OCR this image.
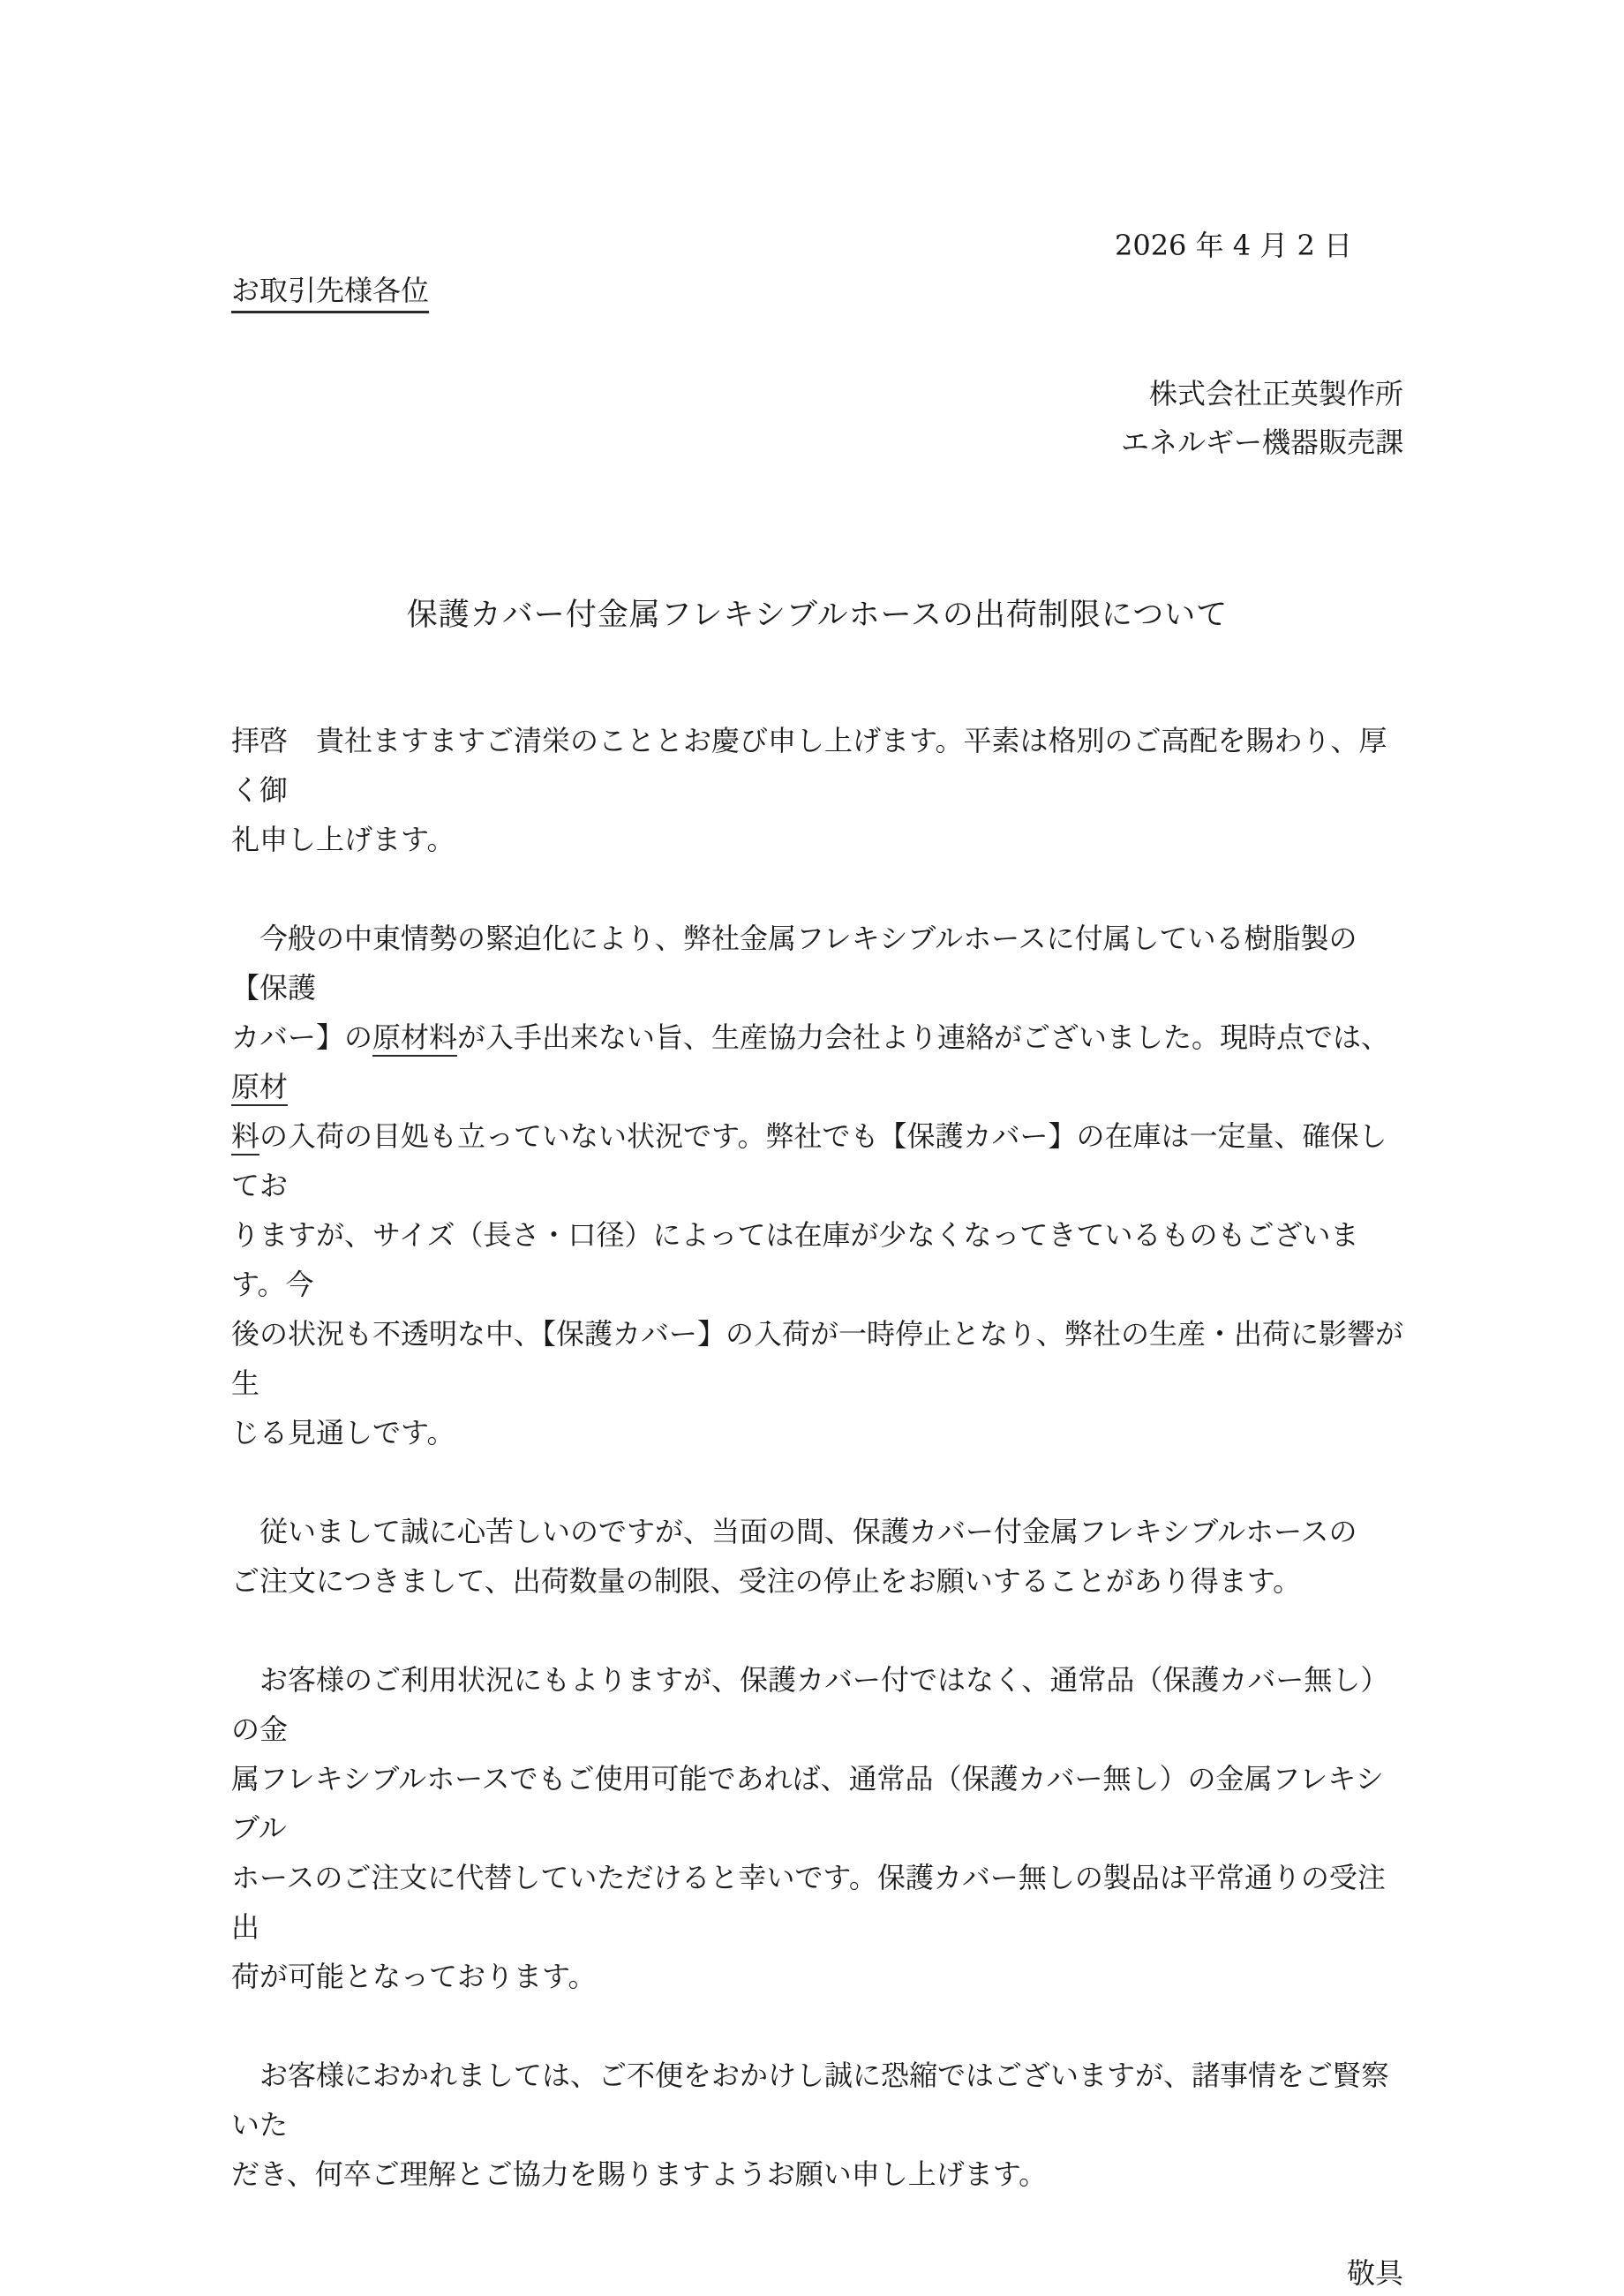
2026 年 4 月 2 日
お取引先様各位
株式会社正英製作所
エネルギー機器販売課
保護カバー付金属フレキシブルホースの出荷制限について
拝啓　貴社ますますご清栄のこととお慶び申し上げます。平素は格別のご高配を賜わり、厚く御
礼申し上げます。
　今般の中東情勢の緊迫化により、弊社金属フレキシブルホースに付属している樹脂製の【保護
カバー】の原材料が入手出来ない旨、生産協力会社より連絡がございました。現時点では、原材
料の入荷の目処も立っていない状況です。弊社でも【保護カバー】の在庫は一定量、確保してお
りますが、サイズ（長さ・口径）によっては在庫が少なくなってきているものもございます。今
後の状況も不透明な中、【保護カバー】の入荷が一時停止となり、弊社の生産・出荷に影響が生
じる見通しです。
　従いまして誠に心苦しいのですが、当面の間、保護カバー付金属フレキシブルホースの
ご注文につきまして、出荷数量の制限、受注の停止をお願いすることがあり得ます。
　お客様のご利用状況にもよりますが、保護カバー付ではなく、通常品（保護カバー無し）の金
属フレキシブルホースでもご使用可能であれば、通常品（保護カバー無し）の金属フレキシブル
ホースのご注文に代替していただけると幸いです。保護カバー無しの製品は平常通りの受注出
荷が可能となっております。
　お客様におかれましては、ご不便をおかけし誠に恐縮ではございますが、諸事情をご賢察いた
だき、何卒ご理解とご協力を賜りますようお願い申し上げます。
敬具
